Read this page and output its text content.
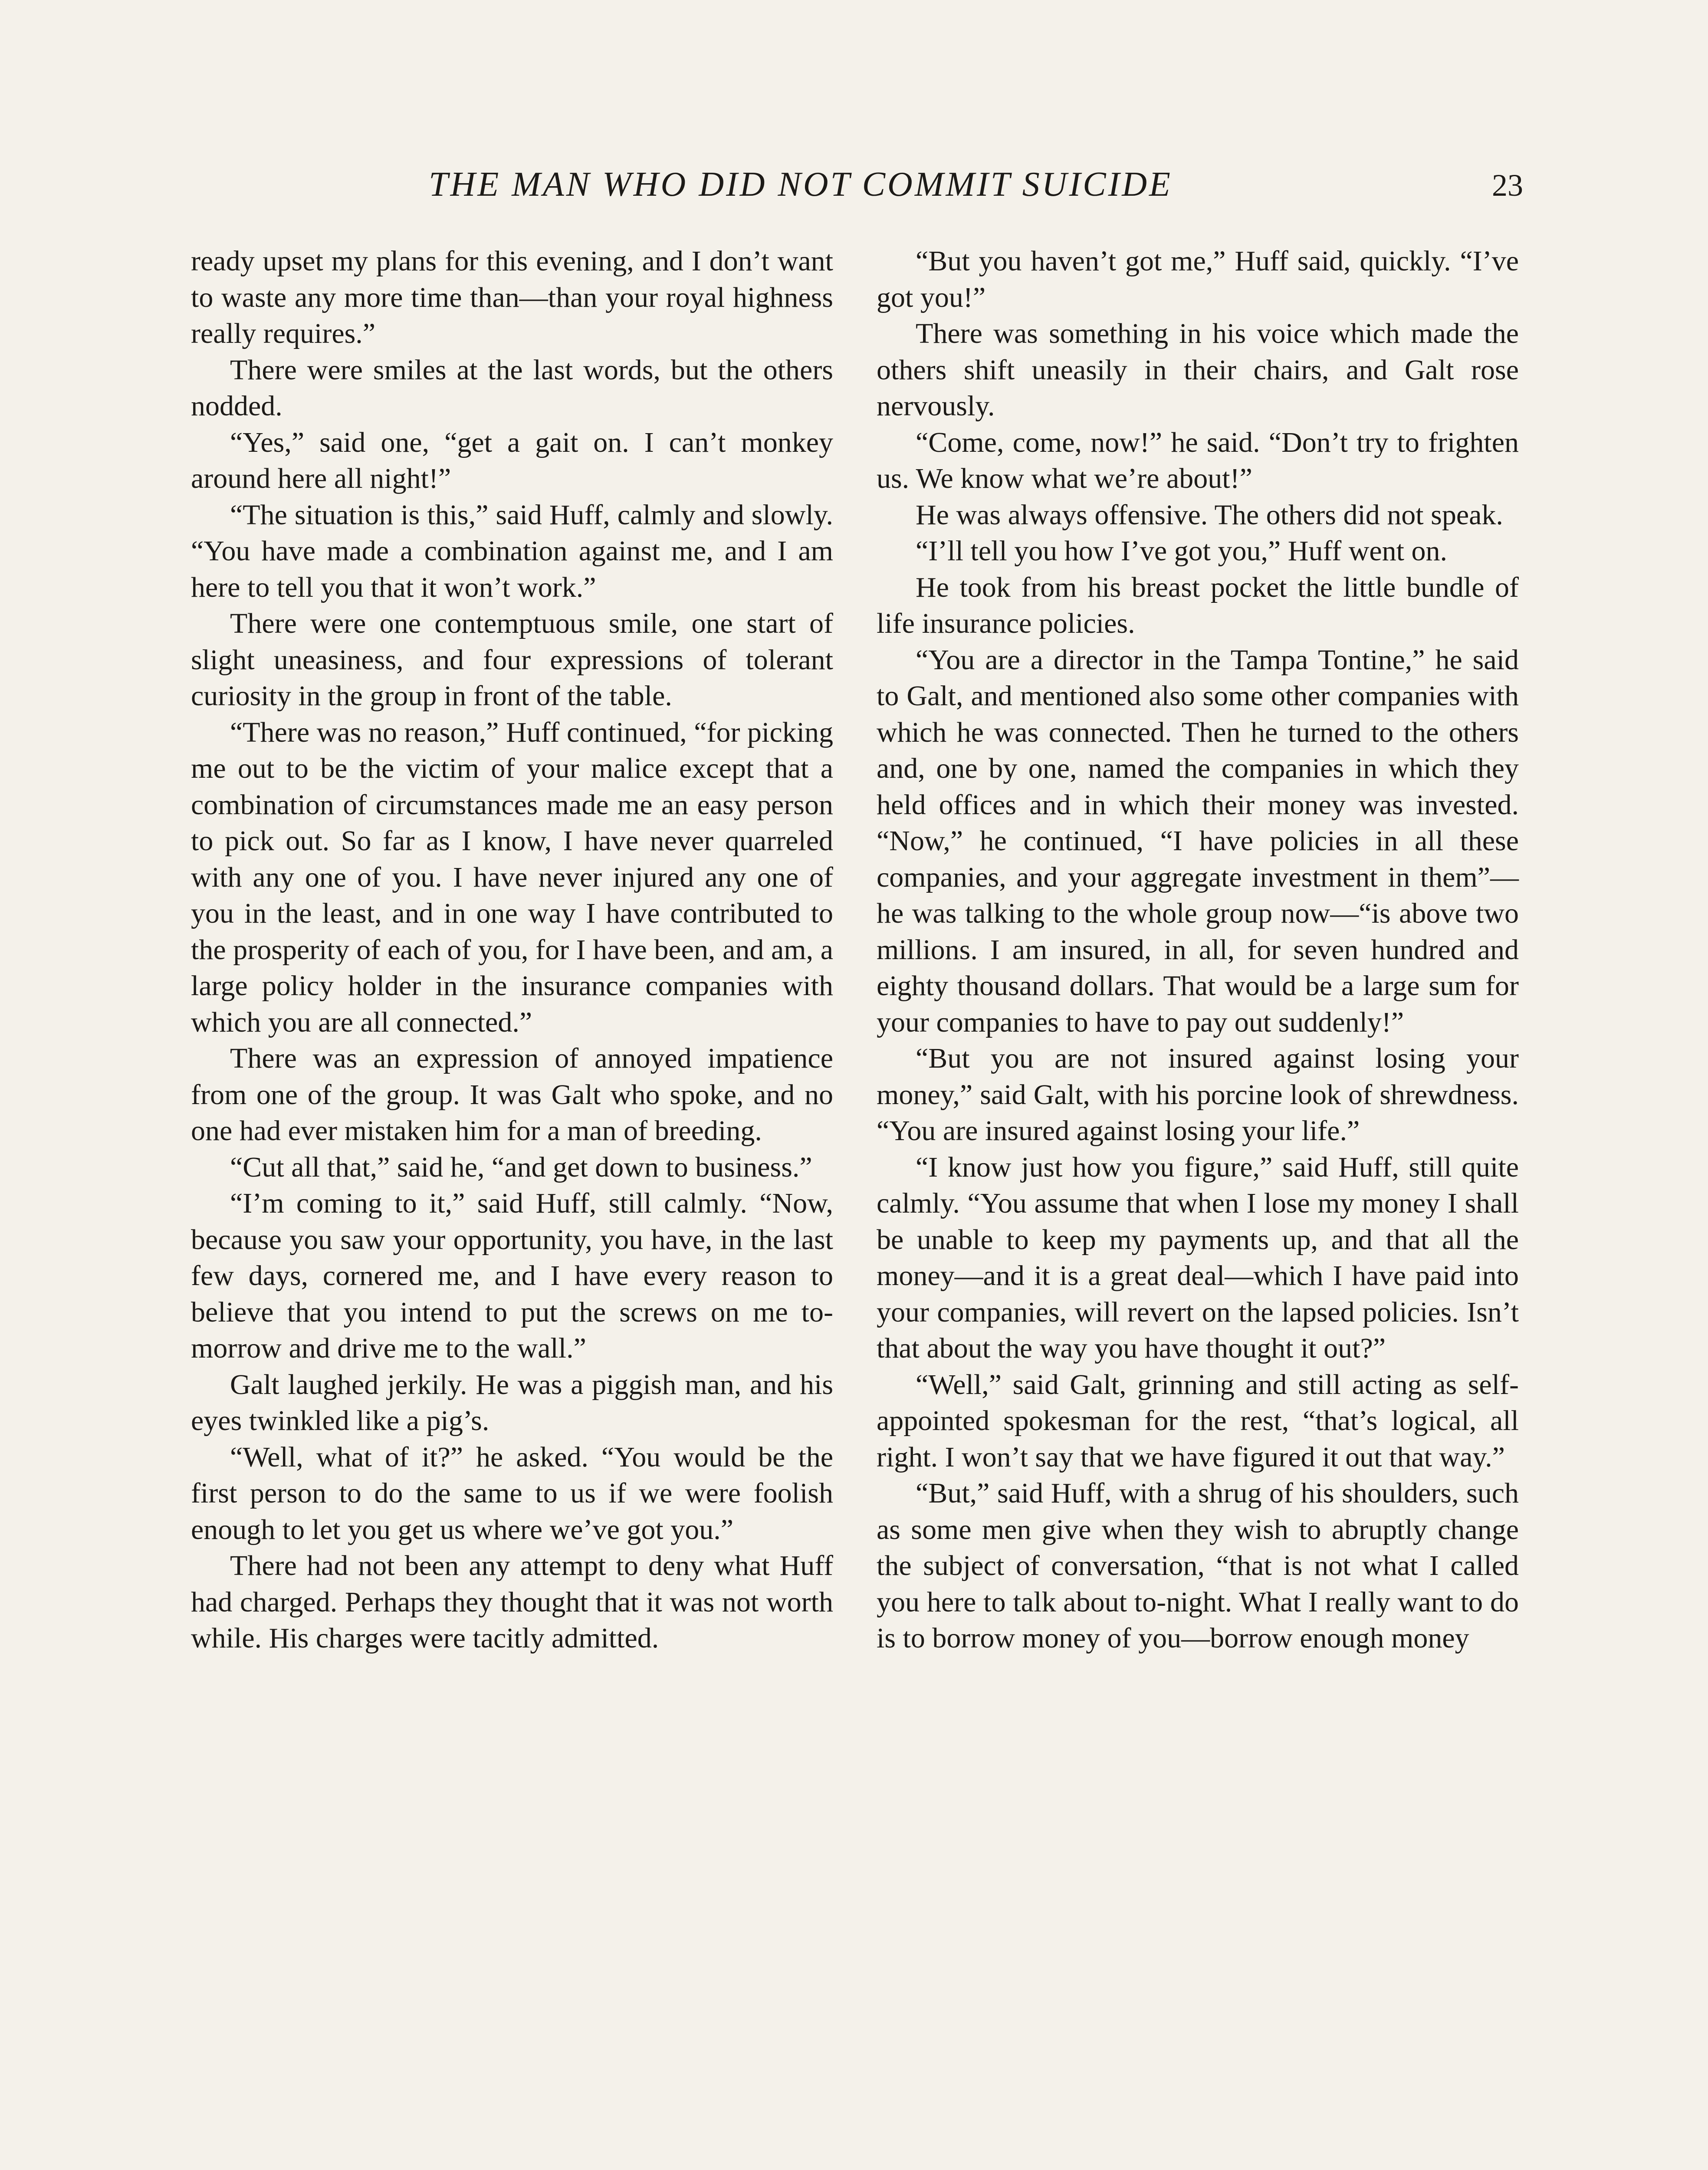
THE MAN WHO DID NOT COMMIT SUICIDE	23

ready upset my plans for this evening, and I don’t want to waste any more time than—than your royal highness really requires.”

There were smiles at the last words, but the others nodded.

“Yes,” said one, “get a gait on. I can’t monkey around here all night!”

“The situation is this,” said Huff, calmly and slowly. “You have made a combination against me, and I am here to tell you that it won’t work.”

There were one contemptuous smile, one start of slight uneasiness, and four expressions of tolerant curiosity in the group in front of the table.

“There was no reason,” Huff continued, “for picking me out to be the victim of your malice except that a combination of circumstances made me an easy person to pick out. So far as I know, I have never quarreled with any one of you. I have never injured any one of you in the least, and in one way I have contributed to the prosperity of each of you, for I have been, and am, a large policy holder in the insurance companies with which you are all connected.”

There was an expression of annoyed impatience from one of the group. It was Galt who spoke, and no one had ever mistaken him for a man of breeding.

“Cut all that,” said he, “and get down to business.”

“I’m coming to it,” said Huff, still calmly. “Now, because you saw your opportunity, you have, in the last few days, cornered me, and I have every reason to believe that you intend to put the screws on me to-morrow and drive me to the wall.”

Galt laughed jerkily. He was a piggish man, and his eyes twinkled like a pig’s.

“Well, what of it?” he asked. “You would be the first person to do the same to us if we were foolish enough to let you get us where we’ve got you.”

There had not been any attempt to deny what Huff had charged. Perhaps they thought that it was not worth while. His charges were tacitly admitted.

“But you haven’t got me,” Huff said, quickly. “I’ve got you!”

There was something in his voice which made the others shift uneasily in their chairs, and Galt rose nervously.

“Come, come, now!” he said. “Don’t try to frighten us. We know what we’re about!”

He was always offensive. The others did not speak.

“I’ll tell you how I’ve got you,” Huff went on.

He took from his breast pocket the little bundle of life insurance policies.

“You are a director in the Tampa Tontine,” he said to Galt, and mentioned also some other companies with which he was connected. Then he turned to the others and, one by one, named the companies in which they held offices and in which their money was invested. “Now,” he continued, “I have policies in all these companies, and your aggregate investment in them”—he was talking to the whole group now—“is above two millions. I am insured, in all, for seven hundred and eighty thousand dollars. That would be a large sum for your companies to have to pay out suddenly!”

“But you are not insured against losing your money,” said Galt, with his porcine look of shrewdness. “You are insured against losing your life.”

“I know just how you figure,” said Huff, still quite calmly. “You assume that when I lose my money I shall be unable to keep my payments up, and that all the money—and it is a great deal—which I have paid into your companies, will revert on the lapsed policies. Isn’t that about the way you have thought it out?”

“Well,” said Galt, grinning and still acting as self-appointed spokesman for the rest, “that’s logical, all right. I won’t say that we have figured it out that way.”

“But,” said Huff, with a shrug of his shoulders, such as some men give when they wish to abruptly change the subject of conversation, “that is not what I called you here to talk about to-night. What I really want to do is to borrow money of you—borrow enough money
